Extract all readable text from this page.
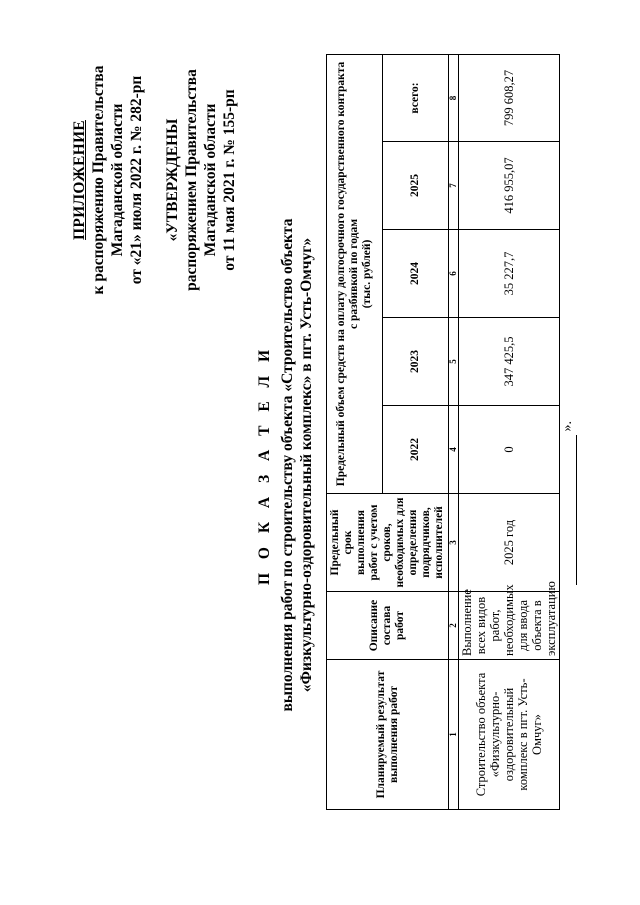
ПРИЛОЖЕНИЕ к распоряжению Правительства Магаданской области от «21» июля 2022 г. № 282-рп «УТВЕРЖДЕНЫ распоряжением Правительства Магаданской области от 11 мая 2021 г. № 155-рп
П О К А З А Т Е Л И выполнения работ по строительству объекта «Строительство объекта «Физкультурно-оздоровительный комплекс» в пгт. Усть-Омчуг»
Планируемый результат выполнения работ	Описание состава работ	Предельный срок выполнения работ с учетом сроков, необходимых для определения подрядчиков, исполнителей	Предельный объем средств на оплату долгосрочного государственного контракта с разбивкой по годам
(тыс. рублей)				
			2022	2023	2024	2025	всего:
1	2	3	4	5	6	7	8
Строительство объекта «Физкультурно-оздоровительный комплекс в пгт. Усть-Омчуг»	Выполнение всех видов работ, необходимых для ввода объекта в эксплуатацию	2025 год	0	347 425,5	35 227,7	416 955,07	799 608,27
».
